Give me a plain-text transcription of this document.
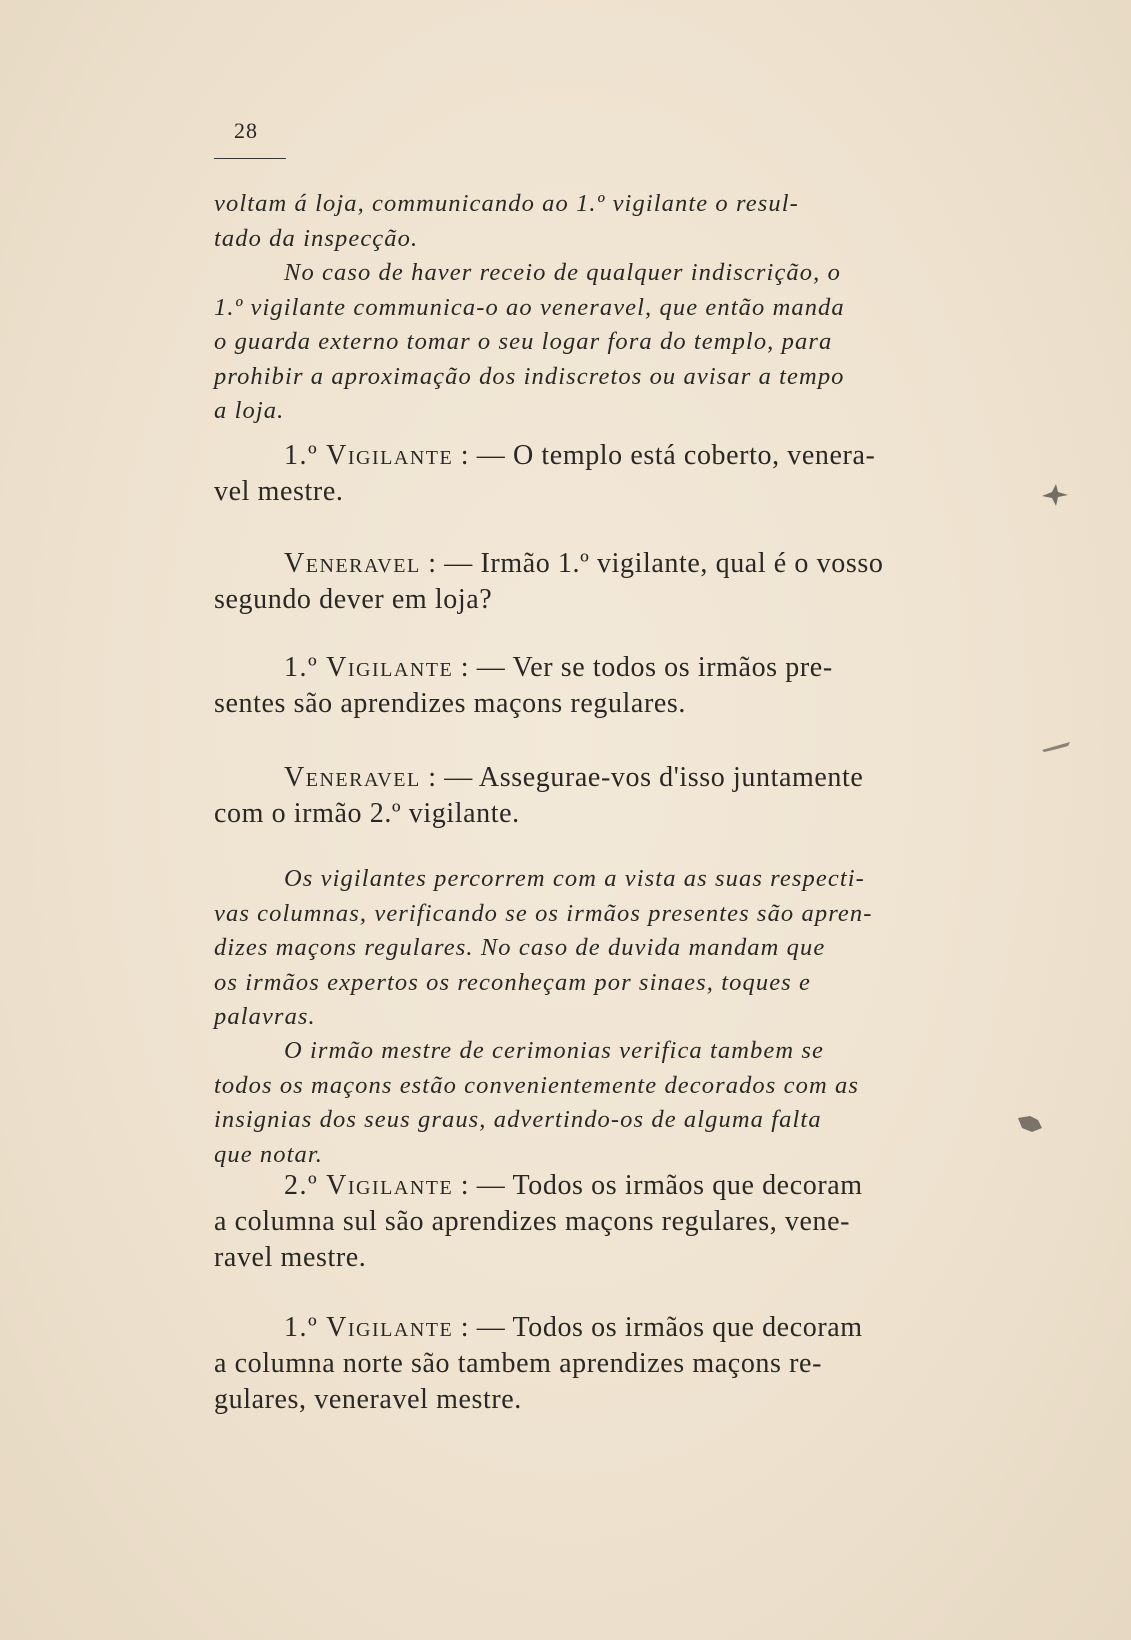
28
voltam á loja, communicando ao 1.º vigilante o resul-
tado da inspecção.
No caso de haver receio de qualquer indiscrição, o
1.º vigilante communica-o ao veneravel, que então manda
o guarda externo tomar o seu logar fora do templo, para
prohibir a aproximação dos indiscretos ou avisar a tempo
a loja.
1.º Vigilante : — O templo está coberto, venera-
vel mestre.
Veneravel : — Irmão 1.º vigilante, qual é o vosso
segundo dever em loja?
1.º Vigilante : — Ver se todos os irmãos pre-
sentes são aprendizes maçons regulares.
Veneravel : — Assegurae-vos d'isso juntamente
com o irmão 2.º vigilante.
Os vigilantes percorrem com a vista as suas respecti-
vas columnas, verificando se os irmãos presentes são apren-
dizes maçons regulares. No caso de duvida mandam que
os irmãos expertos os reconheçam por sinaes, toques e
palavras.
O irmão mestre de cerimonias verifica tambem se
todos os maçons estão convenientemente decorados com as
insignias dos seus graus, advertindo-os de alguma falta
que notar.
2.º Vigilante : — Todos os irmãos que decoram
a columna sul são aprendizes maçons regulares, vene-
ravel mestre.
1.º Vigilante : — Todos os irmãos que decoram
a columna norte são tambem aprendizes maçons re-
gulares, veneravel mestre.
